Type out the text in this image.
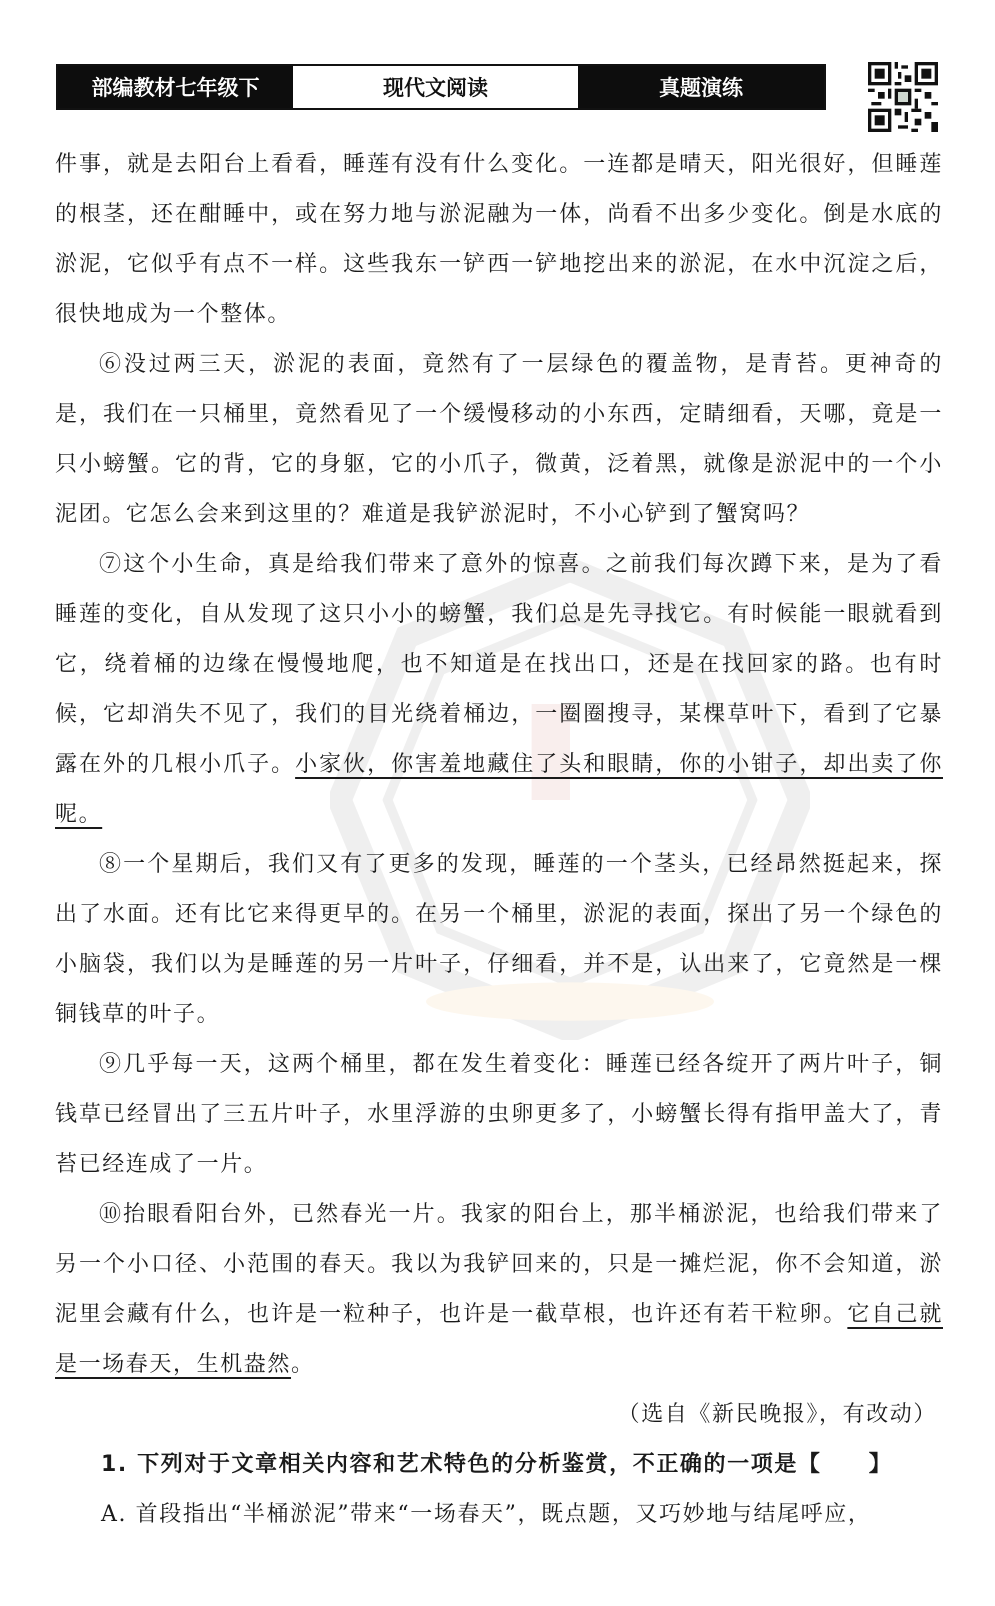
部编教材七年级下	现代文阅读	真题演练

件事，就是去阳台上看看，睡莲有没有什么变化。一连都是晴天，阳光很好，但睡莲的根茎，还在酣睡中，或在努力地与淤泥融为一体，尚看不出多少变化。倒是水底的淤泥，它似乎有点不一样。这些我东一铲西一铲地挖出来的淤泥，在水中沉淀之后，很快地成为一个整体。

⑥没过两三天，淤泥的表面，竟然有了一层绿色的覆盖物，是青苔。更神奇的是，我们在一只桶里，竟然看见了一个缓慢移动的小东西，定睛细看，天哪，竟是一只小螃蟹。它的背，它的身躯，它的小爪子，微黄，泛着黑，就像是淤泥中的一个小泥团。它怎么会来到这里的？难道是我铲淤泥时，不小心铲到了蟹窝吗？

⑦这个小生命，真是给我们带来了意外的惊喜。之前我们每次蹲下来，是为了看睡莲的变化，自从发现了这只小小的螃蟹，我们总是先寻找它。有时候能一眼就看到它，绕着桶的边缘在慢慢地爬，也不知道是在找出口，还是在找回家的路。也有时候，它却消失不见了，我们的目光绕着桶边，一圈圈搜寻，某棵草叶下，看到了它暴露在外的几根小爪子。小家伙，你害羞地藏住了头和眼睛，你的小钳子，却出卖了你呢。

⑧一个星期后，我们又有了更多的发现，睡莲的一个茎头，已经昂然挺起来，探出了水面。还有比它来得更早的。在另一个桶里，淤泥的表面，探出了另一个绿色的小脑袋，我们以为是睡莲的另一片叶子，仔细看，并不是，认出来了，它竟然是一棵铜钱草的叶子。

⑨几乎每一天，这两个桶里，都在发生着变化：睡莲已经各绽开了两片叶子，铜钱草已经冒出了三五片叶子，水里浮游的虫卵更多了，小螃蟹长得有指甲盖大了，青苔已经连成了一片。

⑩抬眼看阳台外，已然春光一片。我家的阳台上，那半桶淤泥，也给我们带来了另一个小口径、小范围的春天。我以为我铲回来的，只是一摊烂泥，你不会知道，淤泥里会藏有什么，也许是一粒种子，也许是一截草根，也许还有若干粒卵。它自己就是一场春天，生机盎然。

（选自《新民晚报》，有改动）

1. 下列对于文章相关内容和艺术特色的分析鉴赏，不正确的一项是【　　】

A. 首段指出“半桶淤泥”带来“一场春天”，既点题，又巧妙地与结尾呼应，
